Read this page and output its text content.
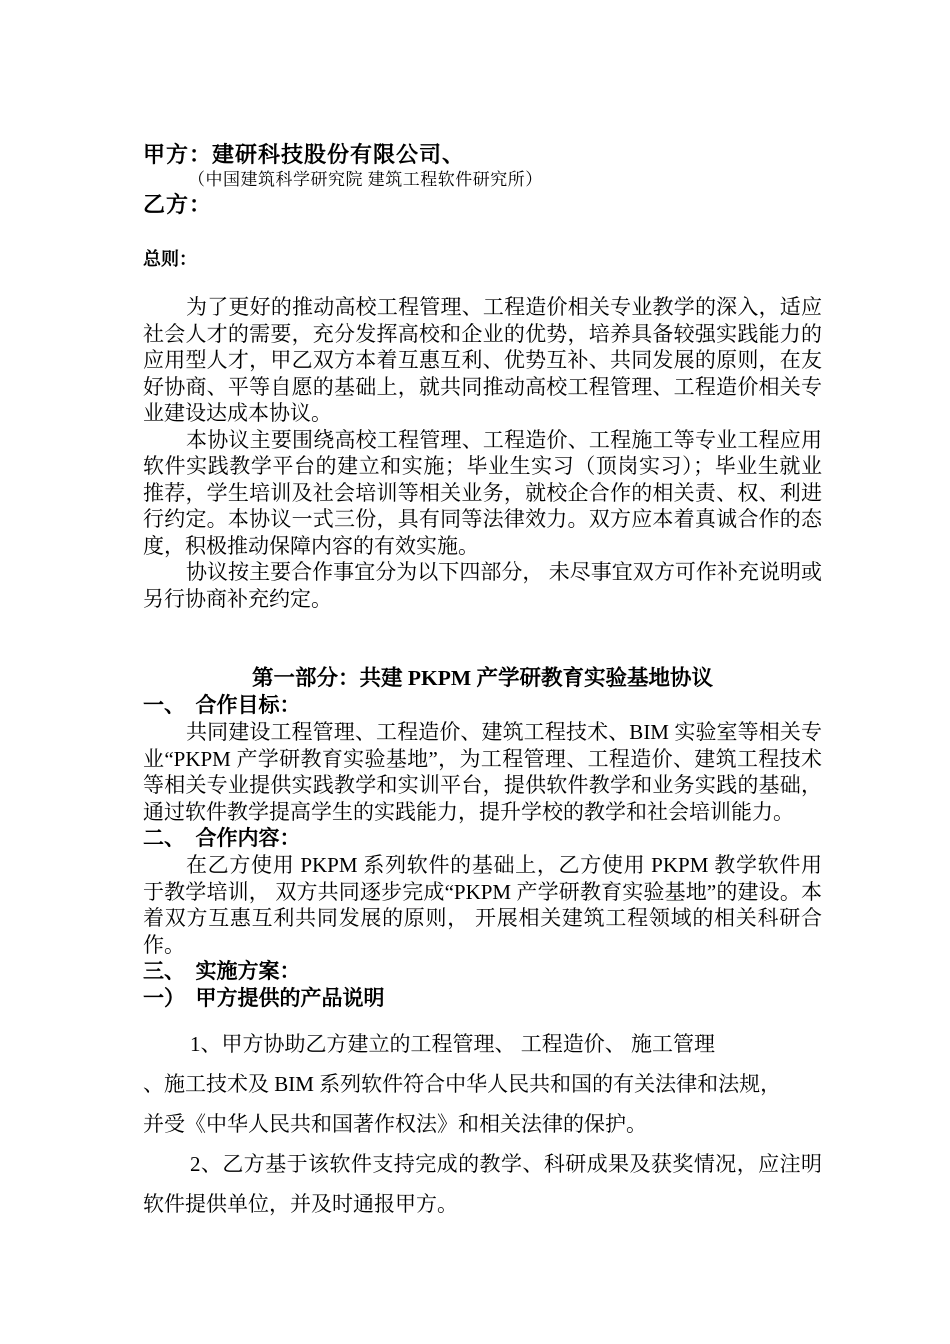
甲方：建研科技股份有限公司、
（中国建筑科学研究院 建筑工程软件研究所）
乙方：
总则：

为了更好的推动高校工程管理、工程造价相关专业教学的深入，适应社会人才的需要，充分发挥高校和企业的优势，培养具备较强实践能力的应用型人才，甲乙双方本着互惠互利、优势互补、共同发展的原则，在友好协商、平等自愿的基础上，就共同推动高校工程管理、工程造价相关专业建设达成本协议。

本协议主要围绕高校工程管理、工程造价、工程施工等专业工程应用软件实践教学平台的建立和实施；毕业生实习（顶岗实习）；毕业生就业推荐，学生培训及社会培训等相关业务，就校企合作的相关责、权、利进行约定。本协议一式三份，具有同等法律效力。双方应本着真诚合作的态度，积极推动保障内容的有效实施。

协议按主要合作事宜分为以下四部分， 未尽事宜双方可作补充说明或另行协商补充约定。

第一部分：共建 PKPM 产学研教育实验基地协议
一、　合作目标：

共同建设工程管理、工程造价、建筑工程技术、BIM 实验室等相关专业“PKPM 产学研教育实验基地”，为工程管理、工程造价、建筑工程技术等相关专业提供实践教学和实训平台，提供软件教学和业务实践的基础，通过软件教学提高学生的实践能力，提升学校的教学和社会培训能力。

二、　合作内容：

在乙方使用 PKPM 系列软件的基础上，乙方使用 PKPM 教学软件用于教学培训， 双方共同逐步完成“PKPM 产学研教育实验基地”的建设。本着双方互惠互利共同发展的原则， 开展相关建筑工程领域的相关科研合作。

三、　实施方案：
一）　甲方提供的产品说明

1、甲方协助乙方建立的工程管理、 工程造价、 施工管理
、施工技术及 BIM 系列软件符合中华人民共和国的有关法律和法规，
并受《中华人民共和国著作权法》和相关法律的保护。

2、乙方基于该软件支持完成的教学、科研成果及获奖情况，应注明软件提供单位，并及时通报甲方。
